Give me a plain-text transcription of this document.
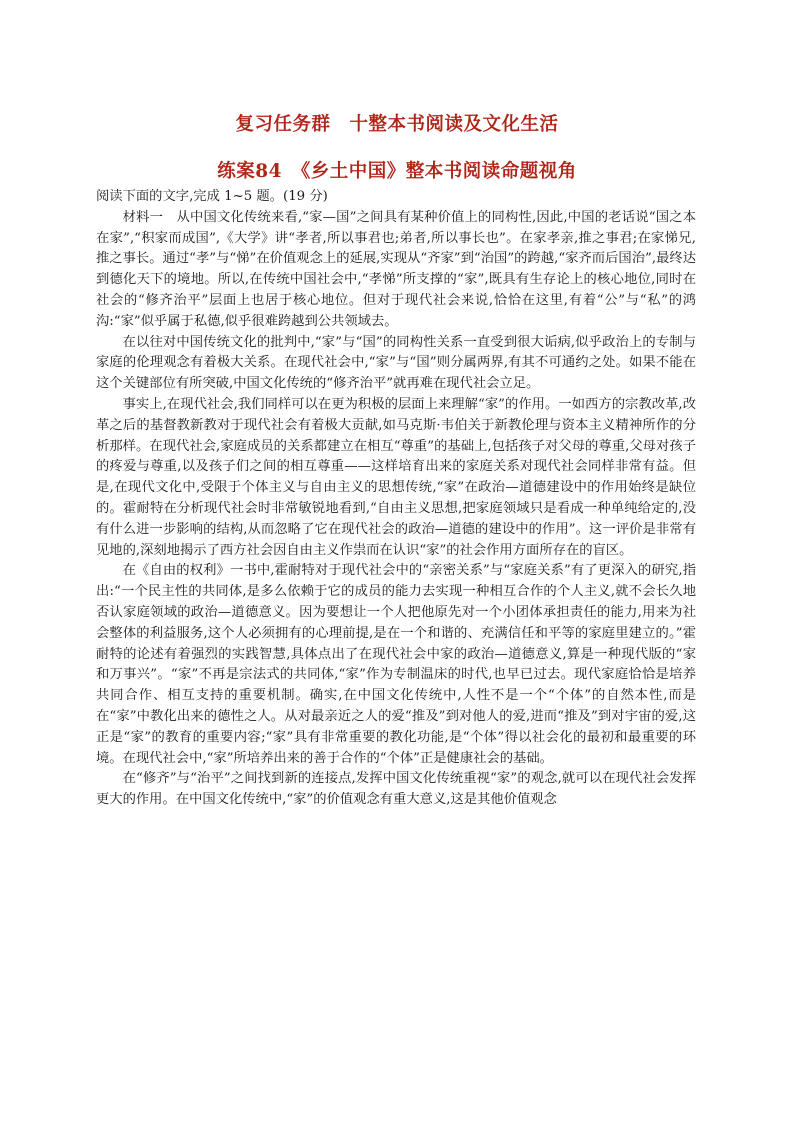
复习任务群　十整本书阅读及文化生活
练案84　《乡土中国》整本书阅读命题视角

阅读下面的文字,完成 1~5 题。(19 分)

材料一　从中国文化传统来看,“家—国”之间具有某种价值上的同构性,因此,中国的老话说“国之本在家”,“积家而成国”,《大学》讲“孝者,所以事君也;弟者,所以事长也”。在家孝亲,推之事君;在家悌兄,推之事长。通过“孝”与“悌”在价值观念上的延展,实现从“齐家”到“治国”的跨越,“家齐而后国治”,最终达到德化天下的境地。所以,在传统中国社会中,“孝悌”所支撑的“家”,既具有生存论上的核心地位,同时在社会的“修齐治平”层面上也居于核心地位。但对于现代社会来说,恰恰在这里,有着“公”与“私”的鸿沟:“家”似乎属于私德,似乎很难跨越到公共领域去。

在以往对中国传统文化的批判中,“家”与“国”的同构性关系一直受到很大诟病,似乎政治上的专制与家庭的伦理观念有着极大关系。在现代社会中,“家”与“国”则分属两界,有其不可通约之处。如果不能在这个关键部位有所突破,中国文化传统的“修齐治平”就再难在现代社会立足。

事实上,在现代社会,我们同样可以在更为积极的层面上来理解“家”的作用。一如西方的宗教改革,改革之后的基督教新教对于现代社会有着极大贡献,如马克斯·韦伯关于新教伦理与资本主义精神所作的分析那样。在现代社会,家庭成员的关系都建立在相互“尊重”的基础上,包括孩子对父母的尊重,父母对孩子的疼爱与尊重,以及孩子们之间的相互尊重——这样培育出来的家庭关系对现代社会同样非常有益。但是,在现代文化中,受限于个体主义与自由主义的思想传统,“家”在政治—道德建设中的作用始终是缺位的。霍耐特在分析现代社会时非常敏锐地看到,“自由主义思想,把家庭领域只是看成一种单纯给定的,没有什么进一步影响的结构,从而忽略了它在现代社会的政治—道德的建设中的作用”。这一评价是非常有见地的,深刻地揭示了西方社会因自由主义作祟而在认识“家”的社会作用方面所存在的盲区。

在《自由的权利》一书中,霍耐特对于现代社会中的“亲密关系”与“家庭关系”有了更深入的研究,指出:“一个民主性的共同体,是多么依赖于它的成员的能力去实现一种相互合作的个人主义,就不会长久地否认家庭领域的政治—道德意义。因为要想让一个人把他原先对一个小团体承担责任的能力,用来为社会整体的利益服务,这个人必须拥有的心理前提,是在一个和谐的、充满信任和平等的家庭里建立的。”霍耐特的论述有着强烈的实践智慧,具体点出了在现代社会中家的政治—道德意义,算是一种现代版的“家和万事兴”。“家”不再是宗法式的共同体,“家”作为专制温床的时代,也早已过去。现代家庭恰恰是培养共同合作、相互支持的重要机制。确实,在中国文化传统中,人性不是一个“个体”的自然本性,而是在“家”中教化出来的德性之人。从对最亲近之人的爱“推及”到对他人的爱,进而“推及”到对宇宙的爱,这正是“家”的教育的重要内容;“家”具有非常重要的教化功能,是“个体”得以社会化的最初和最重要的环境。在现代社会中,“家”所培养出来的善于合作的“个体”正是健康社会的基础。

在“修齐”与“治平”之间找到新的连接点,发挥中国文化传统重视“家”的观念,就可以在现代社会发挥更大的作用。在中国文化传统中,“家”的价值观念有重大意义,这是其他价值观念
